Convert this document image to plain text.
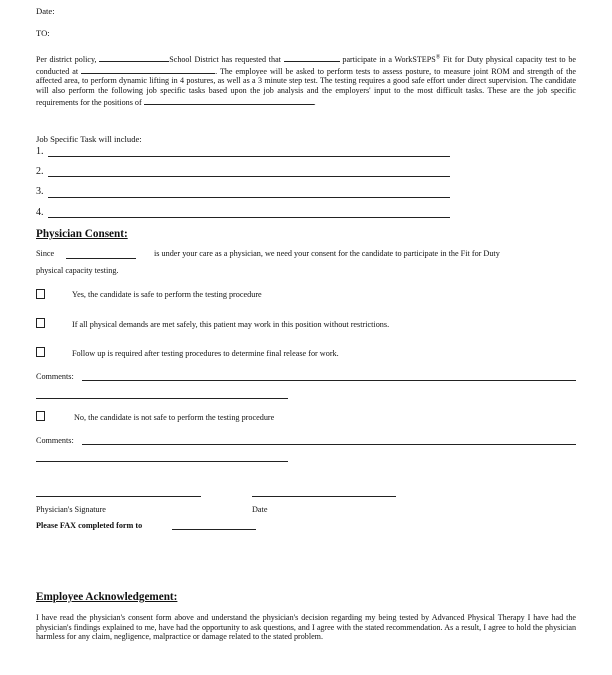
Date:
TO:
Per district policy,	School District has requested that	participate in a WorkSTEPS® Fit for Duty physical capacity test to be conducted at	. The employee will be asked to perform tests to assess posture, to measure joint ROM and strength of the affected area, to perform dynamic lifting in 4 postures, as well as a 3 minute step test. The testing requires a good safe effort under direct supervision. The candidate will also perform the following job specific tasks based upon the job analysis and the employers' input to the most difficult tasks. These are the job specific requirements for the positions of	.
Job Specific Task will include:
1.
2.
3.
4.
Physician Consent:
Since	is under your care as a physician, we need your consent for the candidate to participate in the Fit for Duty
physical capacity testing.
Yes, the candidate is safe to perform the testing procedure
If all physical demands are met safely, this patient may work in this position without restrictions.
Follow up is required after testing procedures to determine final release for work.
Comments:
No, the candidate is not safe to perform the testing procedure
Comments:
Physician's Signature	Date
Please FAX completed form to
Employee Acknowledgement:
I have read the physician's consent form above and understand the physician's decision regarding my being tested by Advanced Physical Therapy I have had the physician's findings explained to me, have had the opportunity to ask questions, and I agree with the stated recommendation. As a result, I agree to hold the physician harmless for any claim, negligence, malpractice or damage related to the stated problem.
